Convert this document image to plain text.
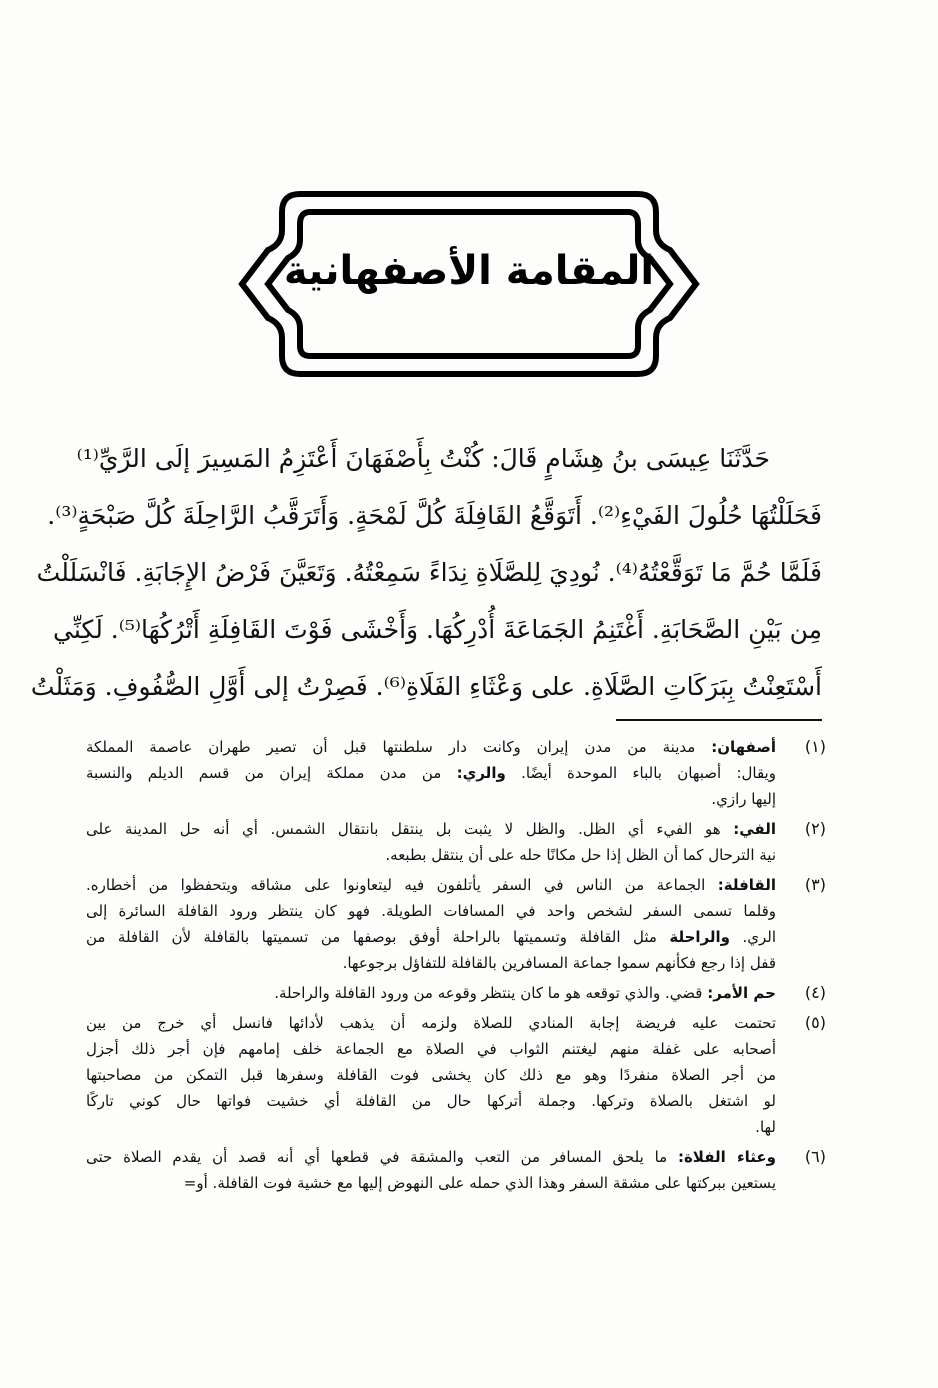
المقامة الأصفهانية
حَدَّثَنَا عِيسَى بنُ هِشَامٍ قَالَ: كُنْتُ بِأَصْفَهَانَ أَعْتَزِمُ المَسِيرَ إلَى الرَّيِّ⁽¹⁾
فَحَلَلْتُهَا حُلُولَ الفَيْءِ⁽²⁾. أَتَوَقَّعُ القَافِلَةَ كُلَّ لَمْحَةٍ. وَأَتَرَقَّبُ الرَّاحِلَةَ كُلَّ صَبْحَةٍ⁽³⁾.
فَلَمَّا حُمَّ مَا تَوَقَّعْتُهُ⁽⁴⁾. نُودِيَ لِلصَّلَاةِ نِدَاءً سَمِعْتُهُ. وَتَعَيَّنَ فَرْضُ الإِجَابَةِ. فَانْسَلَلْتُ
مِن بَيْنِ الصَّحَابَةِ. أَغْتَنِمُ الجَمَاعَةَ أُدْرِكُهَا. وَأَخْشَى فَوْتَ القَافِلَةِ أَتْرُكُهَا⁽⁵⁾. لَكِنِّي
أَسْتَعِنْتُ بِبَرَكَاتِ الصَّلَاةِ. على وَعْثَاءِ الفَلَاةِ⁽⁶⁾. فَصِرْتُ إلى أَوَّلِ الصُّفُوفِ. وَمَثَلْتُ
(١)
أصفهان: مدينة من مدن إيران وكانت دار سلطنتها قبل أن تصير طهران عاصمة المملكة
ويقال: أصبهان بالباء الموحدة أيضًا. والري: من مدن مملكة إيران من قسم الديلم والنسبة
إليها رازي.
(٢)
الفي: هو الفيء أي الظل. والظل لا يثبت بل ينتقل بانتقال الشمس. أي أنه حل المدينة على
نية الترحال كما أن الظل إذا حل مكانًا حله على أن ينتقل بطبعه.
(٣)
القافلة: الجماعة من الناس في السفر يأتلفون فيه ليتعاونوا على مشاقه ويتحفظوا من أخطاره.
وقلما تسمى السفر لشخص واحد في المسافات الطويلة. فهو كان ينتظر ورود القافلة السائرة إلى
الري. والراحلة مثل القافلة وتسميتها بالراحلة أوفق بوصفها من تسميتها بالقافلة لأن القافلة من
قفل إذا رجع فكأنهم سموا جماعة المسافرين بالقافلة للتفاؤل برجوعها.
(٤)
حم الأمر: قضي. والذي توقعه هو ما كان ينتظر وقوعه من ورود القافلة والراحلة.
(٥)
تحتمت عليه فريضة إجابة المنادي للصلاة ولزمه أن يذهب لأدائها فانسل أي خرج من بين
أصحابه على غفلة منهم ليغتنم الثواب في الصلاة مع الجماعة خلف إمامهم فإن أجر ذلك أجزل
من أجر الصلاة منفردًا وهو مع ذلك كان يخشى فوت القافلة وسفرها قبل التمكن من مصاحبتها
لو اشتغل بالصلاة وتركها. وجملة أتركها حال من القافلة أي خشيت فواتها حال كوني تاركًا
لها.
(٦)
وعثاء الفلاة: ما يلحق المسافر من التعب والمشقة في قطعها أي أنه قصد أن يقدم الصلاة حتى
يستعين ببركتها على مشقة السفر وهذا الذي حمله على النهوض إليها مع خشية فوت القافلة. أو=
